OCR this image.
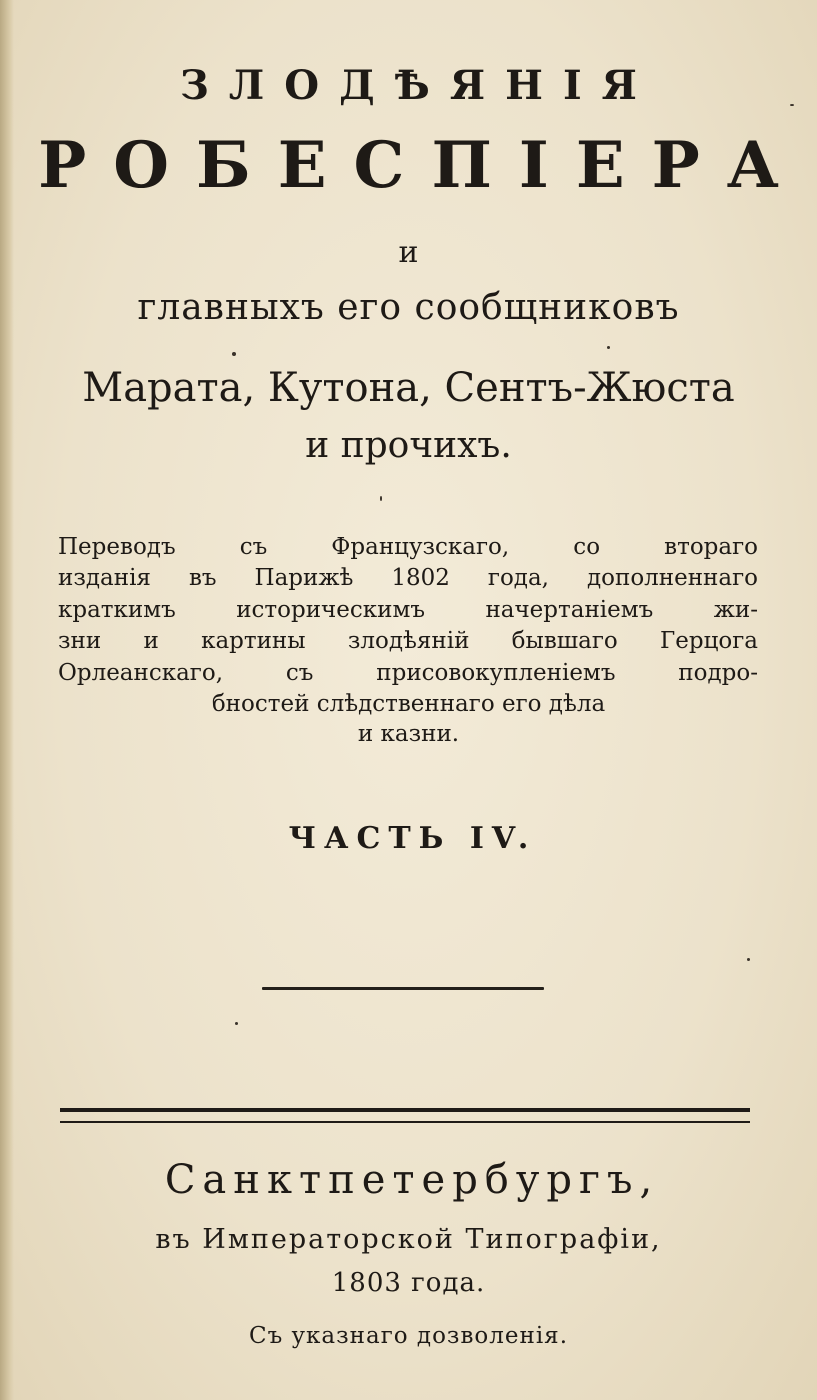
ЗЛОДѢЯНІЯ
РОБЕСПІЕРА
и
главныхъ его сообщниковъ
Марата, Кутона, Сентъ-Жюста
и прочихъ.
Переводъ съ Французскаго, со втораго
изданія въ Парижѣ 1802 года, дополненнаго
краткимъ историческимъ начертаніемъ жи-
зни и картины злодѣяній бывшаго Герцога
Орлеанскаго, съ присовокупленіемъ подро-
бностей слѣдственнаго его дѣла
и казни.
ЧАСТЬ IV.
Санктпетербургъ,
въ Императорской Типографіи,
1803 года.
Съ указнаго дозволенія.
